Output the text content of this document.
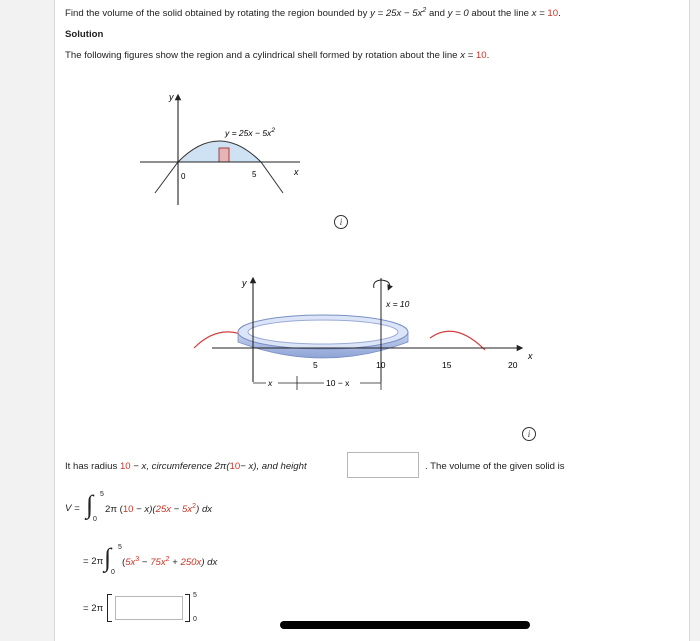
Find the volume of the solid obtained by rotating the region bounded by $y = 25x - 5x^2$ and y = 0 about the line x = 10.
Solution
The following figures show the region and a cylindrical shell formed by rotation about the line x = 10.
y
x
0	5
$y = 25x - 5x^2$
i
x = 10
y
x
5	10	15	20
x	10 − x
i
It has radius 10 − x, circumference 2π(10− x), and height	. The volume of the given solid is
V = ∫ 5
0
2π $(10 - x)(25x - 5x^2)$ dx
= 2π ∫ 5
0
$(5x^3 - 75x^2 + 250x)$ dx
= 2π
5
0
